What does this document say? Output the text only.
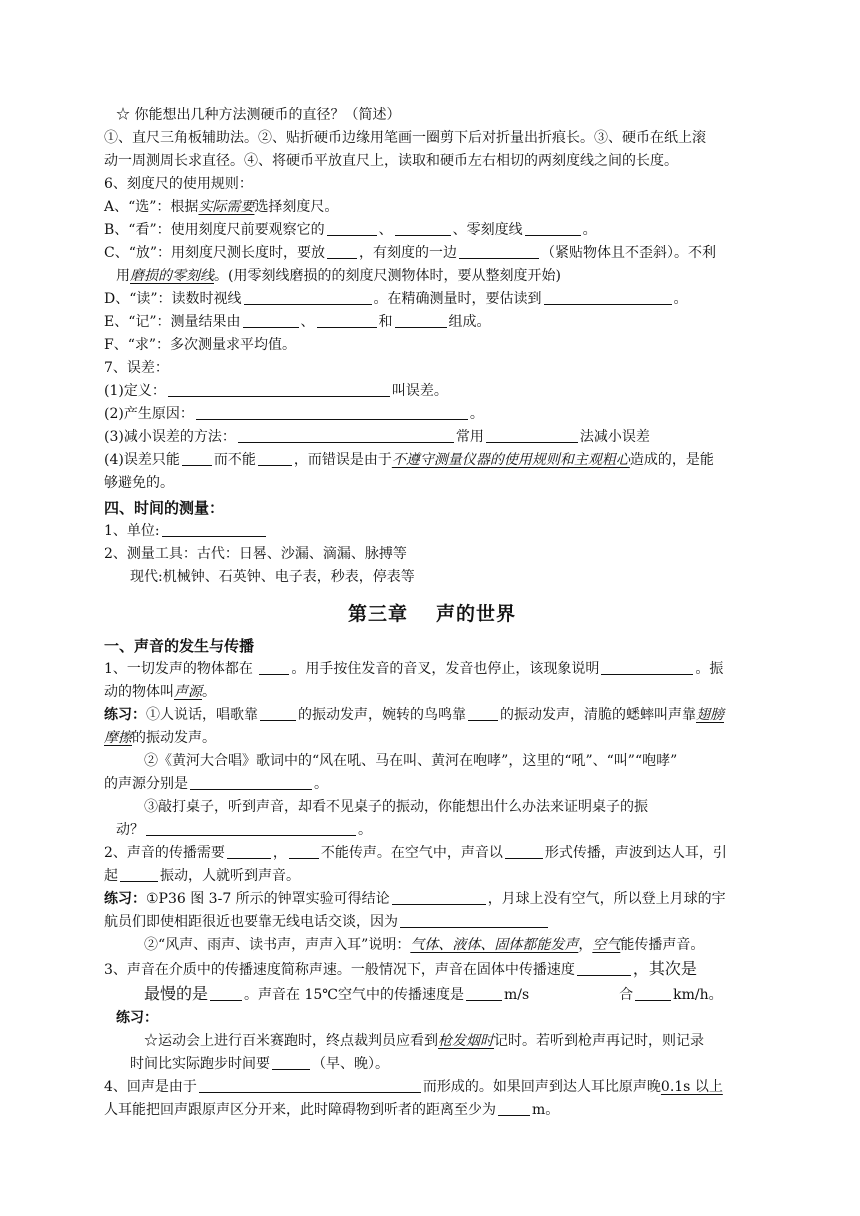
☆ 你能想出几种方法测硬币的直径？（简述）
①、直尺三角板辅助法。②、贴折硬币边缘用笔画一圈剪下后对折量出折痕长。③、硬币在纸上滚
动一周测周长求直径。④、将硬币平放直尺上，读取和硬币左右相切的两刻度线之间的长度。
6、刻度尺的使用规则：
A、“选”：根据实际需要选择刻度尺。
B、“看”：使用刻度尺前要观察它的	、	、零刻度线	。
C、“放”：用刻度尺测长度时，要放 ，有刻度的一边	（紧贴物体且不歪斜）。不利
用磨损的零刻线。(用零刻线磨损的的刻度尺测物体时，要从整刻度开始)
D、“读”：读数时视线	。在精确测量时，要估读到	。
E、“记”：测量结果由	、	和	组成。
F、“求”：多次测量求平均值。
7、误差：
(1)定义：	叫误差。
(2)产生原因：	。
(3)减小误差的方法：	常用	法减小误差
(4)误差只能 而不能	，而错误是由于不遵守测量仪器的使用规则和主观粗心造成的，是能
够避免的。
四、时间的测量：
1、单位:
2、测量工具：古代：日晷、沙漏、滴漏、脉搏等
现代:机械钟、石英钟、电子表，秒表，停表等
第三章 声的世界
一、声音的发生与传播
1、一切发声的物体都在 。用手按住发音的音叉，发音也停止，该现象说明	。振
动的物体叫声源。
练习：①人说话，唱歌靠	的振动发声，婉转的鸟鸣靠 的振动发声，清脆的蟋蟀叫声靠翅膀
摩擦的振动发声。
②《黄河大合唱》歌词中的“风在吼、马在叫、黄河在咆哮”，这里的“吼”、“叫”“咆哮”
的声源分别是	。
③敲打桌子，听到声音，却看不见桌子的振动，你能想出什么办法来证明桌子的振
动？	。
2、声音的传播需要	， 不能传声。在空气中，声音以	形式传播，声波到达人耳，引
起	振动，人就听到声音。
练习：①P36 图 3-7 所示的钟罩实验可得结论	，月球上没有空气，所以登上月球的宇
航员们即使相距很近也要靠无线电话交谈，因为
②“风声、雨声、读书声，声声入耳”说明：气体、液体、固体都能发声，空气能传播声音。
3、声音在介质中的传播速度简称声速。一般情况下，声音在固体中传播速度	，其次是
最慢的是	。声音在 15℃空气中的传播速度是	m/s	合	km/h。
练习：
☆运动会上进行百米赛跑时，终点裁判员应看到枪发烟时记时。若听到枪声再记时，则记录
时间比实际跑步时间要	（早、晚）。
4、回声是由于	而形成的。如果回声到达人耳比原声晚0.1s 以上
人耳能把回声跟原声区分开来，此时障碍物到听者的距离至少为	m。
